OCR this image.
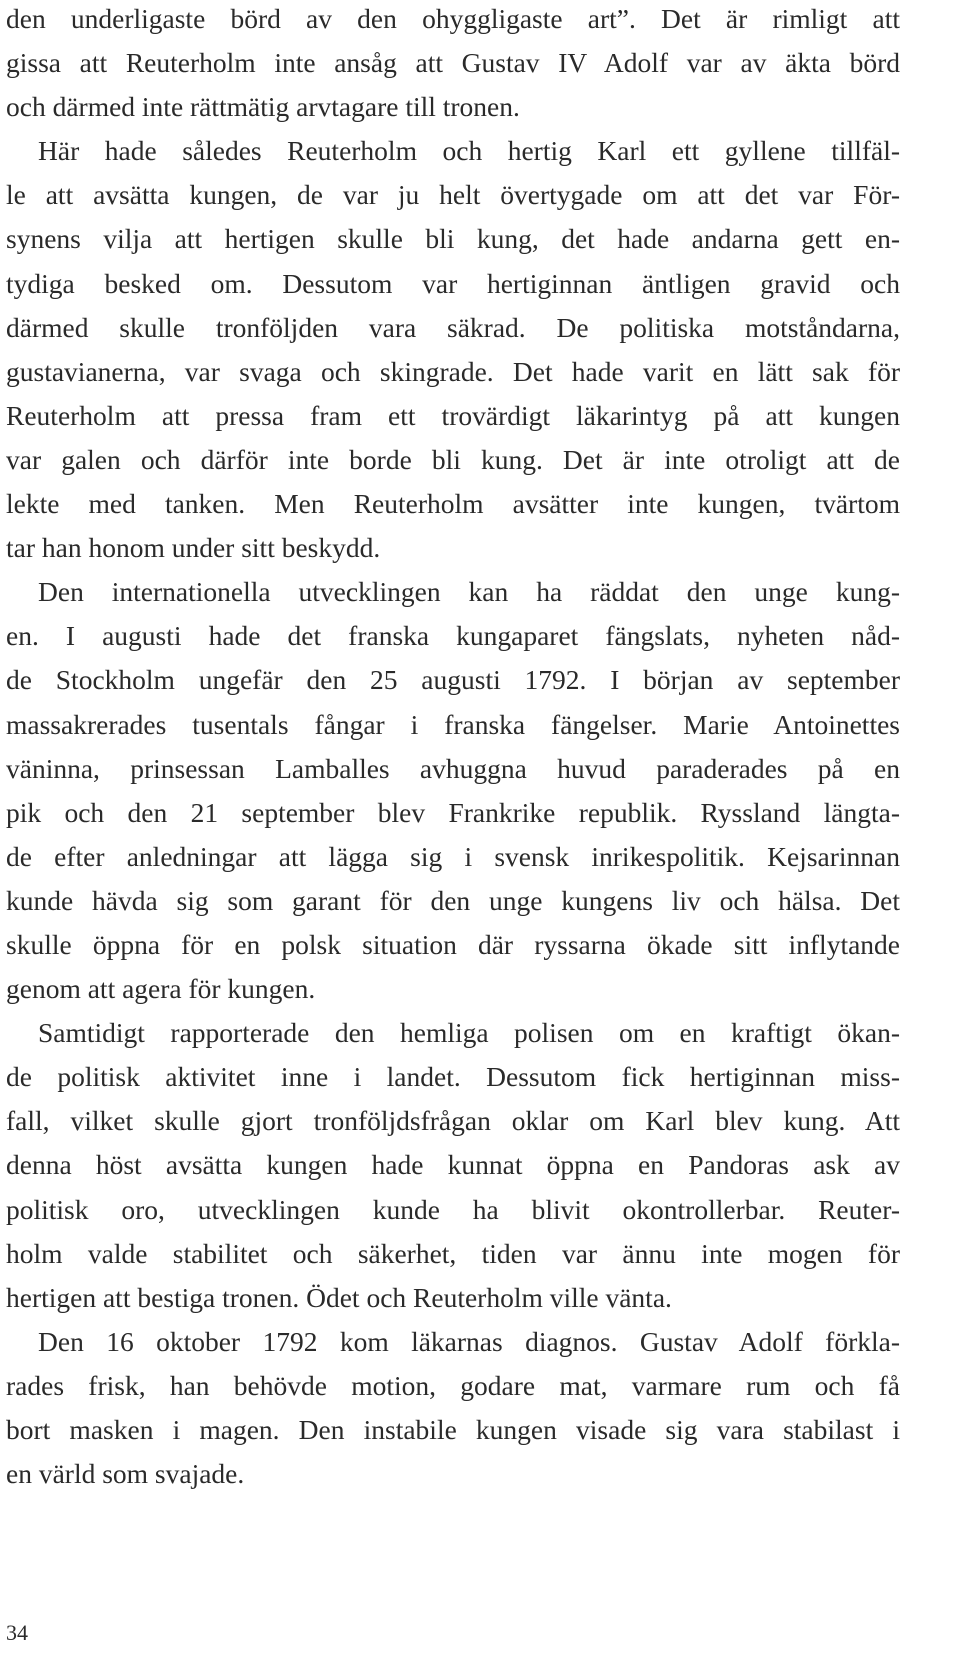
den underligaste börd av den ohyggligaste art”. Det är rimligt att
gissa att Reuterholm inte ansåg att Gustav IV Adolf var av äkta börd
och därmed inte rättmätig arvtagare till tronen.
Här hade således Reuterholm och hertig Karl ett gyllene tillfäl-
le att avsätta kungen, de var ju helt övertygade om att det var För-
synens vilja att hertigen skulle bli kung, det hade andarna gett en-
tydiga besked om. Dessutom var hertiginnan äntligen gravid och
därmed skulle tronföljden vara säkrad. De politiska motståndarna,
gustavianerna, var svaga och skingrade. Det hade varit en lätt sak för
Reuterholm att pressa fram ett trovärdigt läkarintyg på att kungen
var galen och därför inte borde bli kung. Det är inte otroligt att de
lekte med tanken. Men Reuterholm avsätter inte kungen, tvärtom
tar han honom under sitt beskydd.
Den internationella utvecklingen kan ha räddat den unge kung-
en. I augusti hade det franska kungaparet fängslats, nyheten nåd-
de Stockholm ungefär den 25 augusti 1792. I början av september
massakrerades tusentals fångar i franska fängelser. Marie Antoinettes
väninna, prinsessan Lamballes avhuggna huvud paraderades på en
pik och den 21 september blev Frankrike republik. Ryssland längta-
de efter anledningar att lägga sig i svensk inrikespolitik. Kejsarinnan
kunde hävda sig som garant för den unge kungens liv och hälsa. Det
skulle öppna för en polsk situation där ryssarna ökade sitt inflytande
genom att agera för kungen.
Samtidigt rapporterade den hemliga polisen om en kraftigt ökan-
de politisk aktivitet inne i landet. Dessutom fick hertiginnan miss-
fall, vilket skulle gjort tronföljdsfrågan oklar om Karl blev kung. Att
denna höst avsätta kungen hade kunnat öppna en Pandoras ask av
politisk oro, utvecklingen kunde ha blivit okontrollerbar. Reuter-
holm valde stabilitet och säkerhet, tiden var ännu inte mogen för
hertigen att bestiga tronen. Ödet och Reuterholm ville vänta.
Den 16 oktober 1792 kom läkarnas diagnos. Gustav Adolf förkla-
rades frisk, han behövde motion, godare mat, varmare rum och få
bort masken i magen. Den instabile kungen visade sig vara stabilast i
en värld som svajade.
34
